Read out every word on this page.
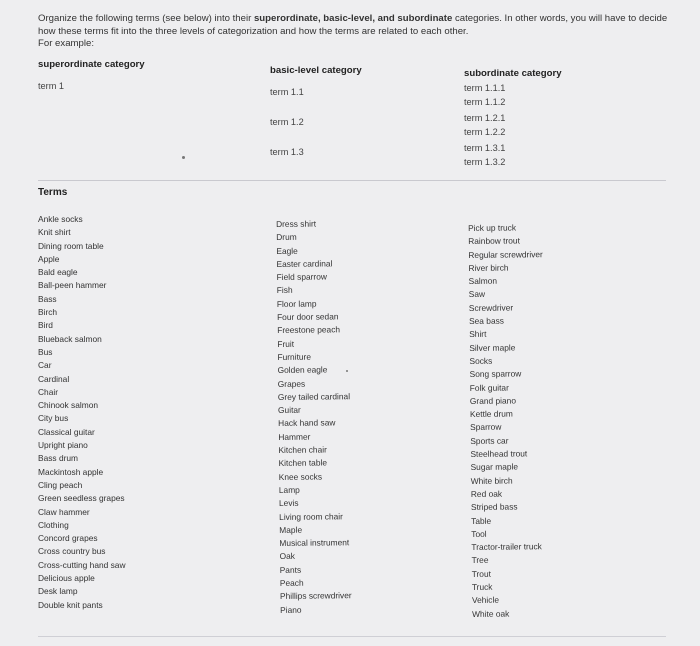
Organize the following terms (see below) into their superordinate, basic-level, and subordinate categories. In other words, you will have to decide how these terms fit into the three levels of categorization and how the terms are related to each other.
For example:
superordinate category
basic-level category	subordinate category
term 1
term 1.1
term 1.2
term 1.3
term 1.1.1
term 1.1.2
term 1.2.1
term 1.2.2
term 1.3.1
term 1.3.2
Terms
Ankle socks
Knit shirt
Dining room table
Apple
Bald eagle
Ball-peen hammer
Bass
Birch
Bird
Blueback salmon
Bus
Car
Cardinal
Chair
Chinook salmon
City bus
Classical guitar
Upright piano
Bass drum
Mackintosh apple
Cling peach
Green seedless grapes
Claw hammer
Clothing
Concord grapes
Cross country bus
Cross-cutting hand saw
Delicious apple
Desk lamp
Double knit pants
Dress shirt
Drum
Eagle
Easter cardinal
Field sparrow
Fish
Floor lamp
Four door sedan
Freestone peach
Fruit
Furniture
Golden eagle
Grapes
Grey tailed cardinal
Guitar
Hack hand saw
Hammer
Kitchen chair
Kitchen table
Knee socks
Lamp
Levis
Living room chair
Maple
Musical instrument
Oak
Pants
Peach
Phillips screwdriver
Piano
Pick up truck
Rainbow trout
Regular screwdriver
River birch
Salmon
Saw
Screwdriver
Sea bass
Shirt
Silver maple
Socks
Song sparrow
Folk guitar
Grand piano
Kettle drum
Sparrow
Sports car
Steelhead trout
Sugar maple
White birch
Red oak
Striped bass
Table
Tool
Tractor-trailer truck
Tree
Trout
Truck
Vehicle
White oak
